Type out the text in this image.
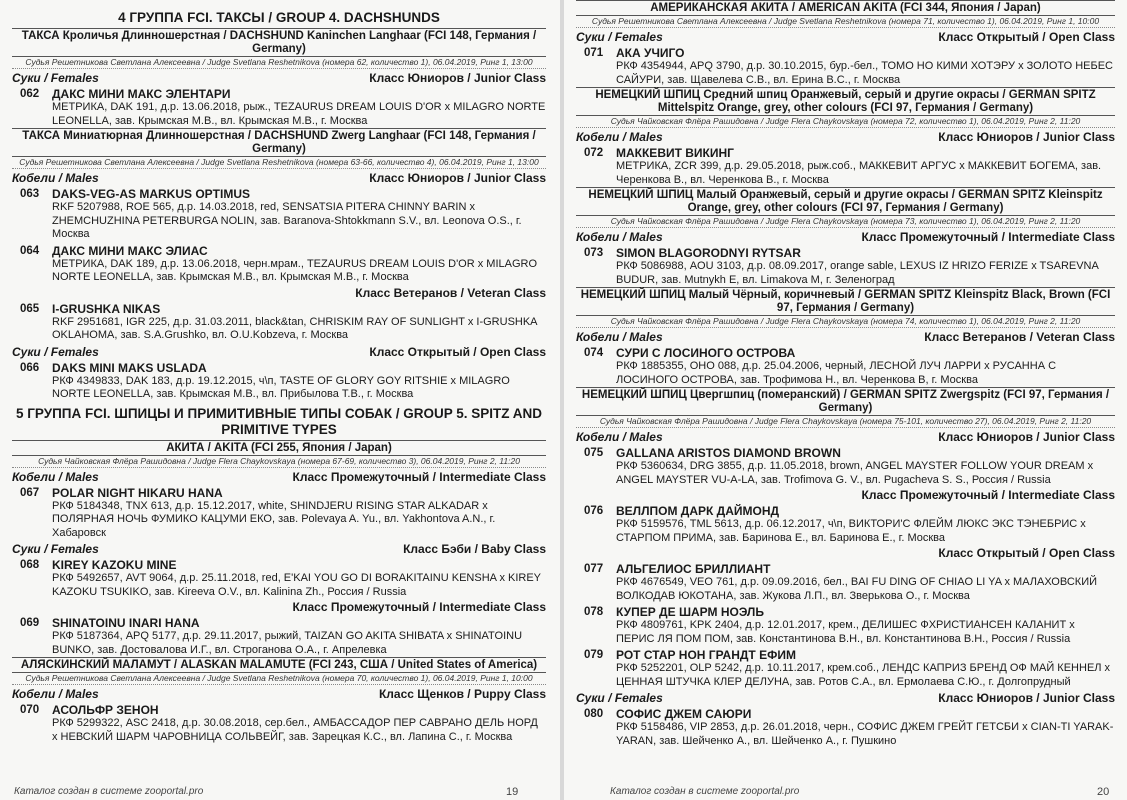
4 ГРУППА FCI. ТАКСЫ / GROUP 4. DACHSHUNDS
ТАКСА Кроличья Длинношерстная / DACHSHUND Kaninchen Langhaar (FCI 148, Германия / Germany)
Судья Решетникова Светлана Алексеевна / Judge Svetlana Reshetnikova (номера 62, количество 1), 06.04.2019, Ринг 1, 13:00
Суки / Females	Класс Юниоров / Junior Class
062	ДАКС МИНИ МАКС ЭЛЕНТАРИ
МЕТРИКА, DAK 191, д.р. 13.06.2018, рыж., TEZAURUS DREAM LOUIS D'OR x MILAGRO NORTE LEONELLA, зав. Крымская М.В., вл. Крымская М.В., г. Москва
ТАКСА Миниатюрная Длинношерстная / DACHSHUND Zwerg Langhaar (FCI 148, Германия / Germany)
Судья Решетникова Светлана Алексеевна / Judge Svetlana Reshetnikova (номера 63-66, количество 4), 06.04.2019, Ринг 1, 13:00
Кобели / Males	Класс Юниоров / Junior Class
063	DAKS-VEG-AS MARKUS OPTIMUS
RKF 5207988, ROE 565, д.р. 14.03.2018, red, SENSATSIA PITERA CHINNY BARIN x ZHEMCHUZHINA PETERBURGA NOLIN, зав. Baranova-Shtokkmann S.V., вл. Leonova O.S., г. Москва
064	ДАКС МИНИ МАКС ЭЛИАС
МЕТРИКА, DAK 189, д.р. 13.06.2018, черн.мрам., TEZAURUS DREAM LOUIS D'OR x MILAGRO NORTE LEONELLA, зав. Крымская М.В., вл. Крымская М.В., г. Москва
Класс Ветеранов / Veteran Class
065	I-GRUSHKA NIKAS
RKF 2951681, IGR 225, д.р. 31.03.2011, black&tan, CHRISKIM RAY OF SUNLIGHT x I-GRUSHKA OKLAHOMA, зав. S.A.Grushko, вл. O.U.Kobzeva, г. Москва
Суки / Females	Класс Открытый / Open Class
066	DAKS MINI MAKS USLADA
РКФ 4349833, DAK 183, д.р. 19.12.2015, ч\п, TASTE OF GLORY GOY RITSHIE x MILAGRO NORTE LEONELLA, зав. Крымская М.В., вл. Прибылова Т.В., г. Москва
5 ГРУППА FCI. ШПИЦЫ И ПРИМИТИВНЫЕ ТИПЫ СОБАК / GROUP 5. SPITZ AND PRIMITIVE TYPES
АКИТА / AKITA (FCI 255, Япония / Japan)
Судья Чайковская Флёра Рашидовна / Judge Flera Chaykovskaya (номера 67-69, количество 3), 06.04.2019, Ринг 2, 11:20
Кобели / Males	Класс Промежуточный / Intermediate Class
067	POLAR NIGHT HIKARU HANA
РКФ 5184348, TNX 613, д.р. 15.12.2017, white, SHINDJERU RISING STAR ALKADAR x ПОЛЯРНАЯ НОЧЬ ФУМИКО КАЦУМИ ЕКО, зав. Polevaya A. Yu., вл. Yakhontova A.N., г. Хабаровск
Суки / Females	Класс Бэби / Baby Class
068	KIREY KAZOKU MINE
РКФ 5492657, AVT 9064, д.р. 25.11.2018, red, E'KAI YOU GO DI BORAKITAINU KENSHA x KIREY KAZOKU TSUKIKO, зав. Kireeva O.V., вл. Kalinina Zh., Россия / Russia
Класс Промежуточный / Intermediate Class
069	SHINATOINU INARI HANA
РКФ 5187364, APQ 5177, д.р. 29.11.2017, рыжий, TAIZAN GO AKITA SHIBATA x SHINATOINU BUNKO, зав. Достовалова И.Г., вл. Строганова О.А., г. Апрелевка
АЛЯСКИНСКИЙ МАЛАМУТ / ALASKAN MALAMUTE (FCI 243, США / United States of America)
Судья Решетникова Светлана Алексеевна / Judge Svetlana Reshetnikova (номера 70, количество 1), 06.04.2019, Ринг 1, 10:00
Кобели / Males	Класс Щенков / Puppy Class
070	АСОЛЬФР ЗЕНОН
РКФ 5299322, ASC 2418, д.р. 30.08.2018, сер.бел., АМБАССАДОР ПЕР САВРАНО ДЕЛЬ НОРД x НЕВСКИЙ ШАРМ ЧАРОВНИЦА СОЛЬВЕЙГ, зав. Зарецкая К.С., вл. Лапина С., г. Москва
Каталог создан в системе zooportal.pro	19
АМЕРИКАНСКАЯ АКИТА / AMERICAN AKITA (FCI 344, Япония / Japan)
Судья Решетникова Светлана Алексеевна / Judge Svetlana Reshetnikova (номера 71, количество 1), 06.04.2019, Ринг 1, 10:00
Суки / Females	Класс Открытый / Open Class
071	АКА УЧИГО
РКФ 4354944, APQ 3790, д.р. 30.10.2015, бур.-бел., ТОМО НО КИМИ ХОТЭРУ x ЗОЛОТО НЕБЕС САЙУРИ, зав. Щавелева С.В., вл. Ерина В.С., г. Москва
НЕМЕЦКИЙ ШПИЦ Средний шпиц Оранжевый, серый и другие окрасы / GERMAN SPITZ Mittelspitz Orange, grey, other colours (FCI 97, Германия / Germany)
Судья Чайковская Флёра Рашидовна / Judge Flera Chaykovskaya (номера 72, количество 1), 06.04.2019, Ринг 2, 11:20
Кобели / Males	Класс Юниоров / Junior Class
072	МАККЕВИТ ВИКИНГ
МЕТРИКА, ZCR 399, д.р. 29.05.2018, рыж.соб., МАККЕВИТ АРГУС x МАККЕВИТ БОГЕМА, зав. Черенкова В., вл. Черенкова В., г. Москва
НЕМЕЦКИЙ ШПИЦ Малый Оранжевый, серый и другие окрасы / GERMAN SPITZ Kleinspitz Orange, grey, other colours (FCI 97, Германия / Germany)
Судья Чайковская Флёра Рашидовна / Judge Flera Chaykovskaya (номера 73, количество 1), 06.04.2019, Ринг 2, 11:20
Кобели / Males	Класс Промежуточный / Intermediate Class
073	SIMON BLAGORODNYI RYTSAR
РКФ 5086988, AOU 3103, д.р. 08.09.2017, orange sable, LEXUS IZ HRIZO FERIZE x TSAREVNA BUDUR, зав. Mutnykh E, вл. Limakova M, г. Зеленоград
НЕМЕЦКИЙ ШПИЦ Малый Чёрный, коричневый / GERMAN SPITZ Kleinspitz Black, Brown (FCI 97, Германия / Germany)
Судья Чайковская Флёра Рашидовна / Judge Flera Chaykovskaya (номера 74, количество 1), 06.04.2019, Ринг 2, 11:20
Кобели / Males	Класс Ветеранов / Veteran Class
074	СУРИ С ЛОСИНОГО ОСТРОВА
РКФ 1885355, ОНО 088, д.р. 25.04.2006, черный, ЛЕСНОЙ ЛУЧ ЛАРРИ x РУСАННА С ЛОСИНОГО ОСТРОВА, зав. Трофимова Н., вл. Черенкова В, г. Москва
НЕМЕЦКИЙ ШПИЦ Цвергшпиц (померанский) / GERMAN SPITZ Zwergspitz (FCI 97, Германия / Germany)
Судья Чайковская Флёра Рашидовна / Judge Flera Chaykovskaya (номера 75-101, количество 27), 06.04.2019, Ринг 2, 11:20
Кобели / Males	Класс Юниоров / Junior Class
075	GALLANA ARISTOS DIAMOND BROWN
РКФ 5360634, DRG 3855, д.р. 11.05.2018, brown, ANGEL MAYSTER FOLLOW YOUR DREAM x ANGEL MAYSTER VU-A-LA, зав. Trofimova G. V., вл. Pugacheva S. S., Россия / Russia
Класс Промежуточный / Intermediate Class
076	ВЕЛЛПОМ ДАРК ДАЙМОНД
РКФ 5159576, TML 5613, д.р. 06.12.2017, ч\п, ВИКТОРИ'С ФЛЕЙМ ЛЮКС ЭКС ТЭНЕБРИС x СТАРПОМ ПРИМА, зав. Баринова Е., вл. Баринова Е., г. Москва
Класс Открытый / Open Class
077	АЛЬГЕЛИОС БРИЛЛИАНТ
РКФ 4676549, VEO 761, д.р. 09.09.2016, бел., BAI FU DING OF CHIAO LI YA x МАЛАХОВСКИЙ ВОЛКОДАВ ЮКОТАНА, зав. Жукова Л.П., вл. Зверькова О., г. Москва
078	КУПЕР ДЕ ШАРМ НОЭЛЬ
РКФ 4809761, KPK 2404, д.р. 12.01.2017, крем., ДЕЛИШЕС ФХРИСТИАНСЕН КАЛАНИТ x ПЕРИС ЛЯ ПОМ ПОМ, зав. Константинова В.Н., вл. Константинова В.Н., Россия / Russia
079	РОТ СТАР НОН ГРАНДТ ЕФИМ
РКФ 5252201, OLP 5242, д.р. 10.11.2017, крем.соб., ЛЕНДС КАПРИЗ БРЕНД ОФ МАЙ КЕННЕЛ x ЦЕННАЯ ШТУЧКА КЛЕР ДЕЛУНА, зав. Ротов С.А., вл. Ермолаева С.Ю., г. Долгопрудный
Суки / Females	Класс Юниоров / Junior Class
080	СОФИС ДЖЕМ САЮРИ
РКФ 5158486, VIP 2853, д.р. 26.01.2018, черн., СОФИС ДЖЕМ ГРЕЙТ ГЕТСБИ x CIAN-TI YARAK-YARAN, зав. Шейченко А., вл. Шейченко А., г. Пушкино
Каталог создан в системе zooportal.pro	20
